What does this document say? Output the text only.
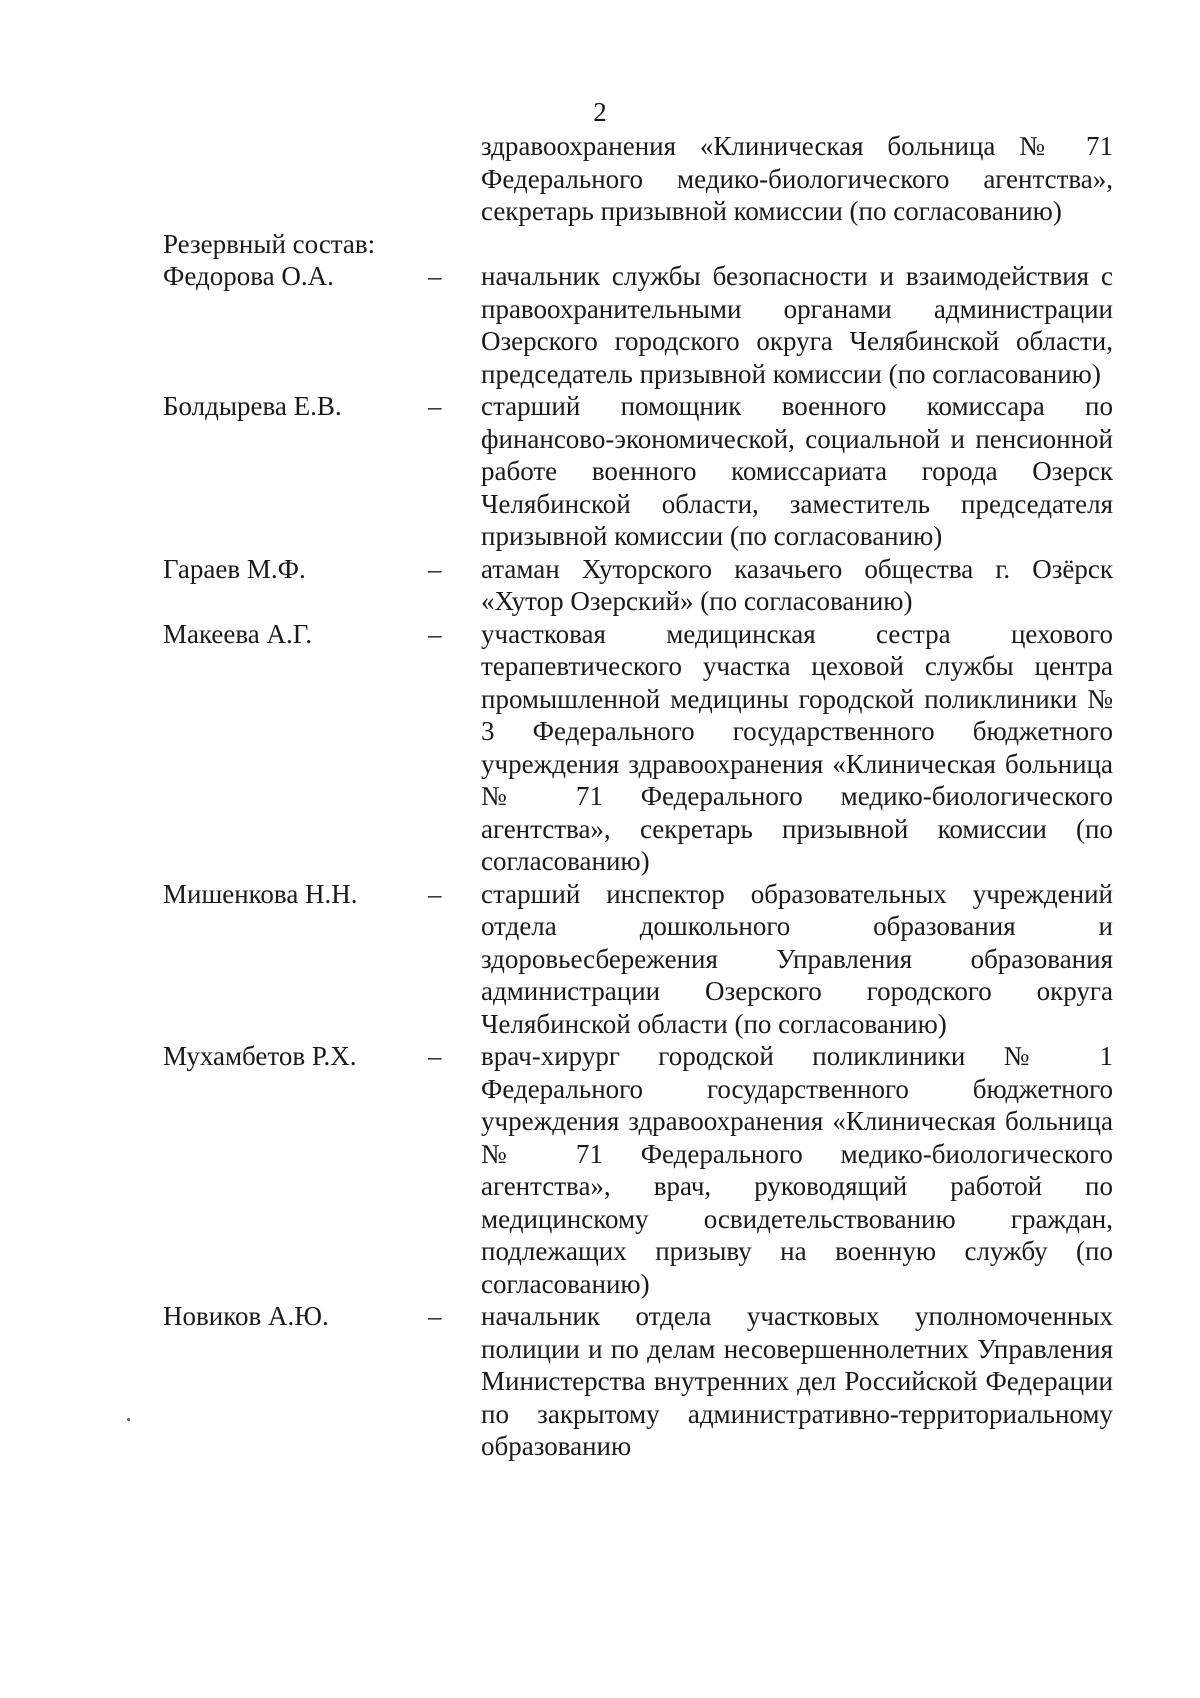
2
здравоохранения «Клиническая больница № 71 Федерального медико-биологического агентства», секретарь призывной комиссии (по согласованию)
Резервный состав:
Федорова О.А.	–	начальник службы безопасности и взаимодействия с правоохранительными органами администрации Озерского городского округа Челябинской области, председатель призывной комиссии (по согласованию)
Болдырева Е.В.	–	старший помощник военного комиссара по финансово-экономической, социальной и пенсионной работе военного комиссариата города Озерск Челябинской области, заместитель председателя призывной комиссии (по согласованию)
Гараев М.Ф.	–	атаман Хуторского казачьего общества г. Озёрск «Хутор Озерский» (по согласованию)
Макеева А.Г.	–	участковая медицинская сестра цехового терапевтического участка цеховой службы центра промышленной медицины городской поликлиники № 3 Федерального государственного бюджетного учреждения здравоохранения «Клиническая больница № 71 Федерального медико-биологического агентства», секретарь призывной комиссии (по согласованию)
Мишенкова Н.Н.	–	старший инспектор образовательных учреждений отдела дошкольного образования и здоровьесбережения Управления образования администрации Озерского городского округа Челябинской области (по согласованию)
Мухамбетов Р.Х.	–	врач-хирург городской поликлиники № 1 Федерального государственного бюджетного учреждения здравоохранения «Клиническая больница № 71 Федерального медико-биологического агентства», врач, руководящий работой по медицинскому освидетельствованию граждан, подлежащих призыву на военную службу (по согласованию)
Новиков А.Ю.	–	начальник отдела участковых уполномоченных полиции и по делам несовершеннолетних Управления Министерства внутренних дел Российской Федерации по закрытому административно-территориальному образованию
